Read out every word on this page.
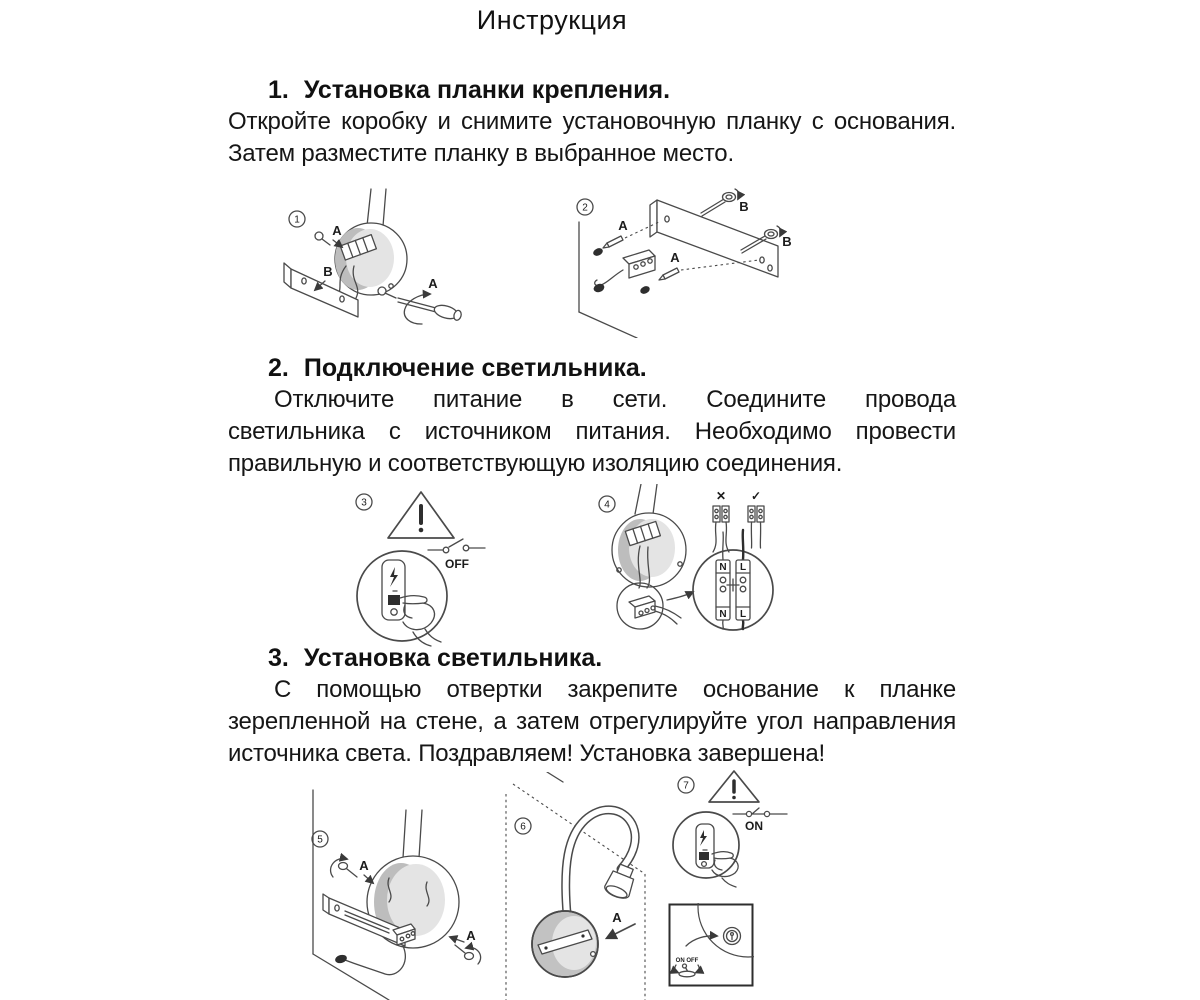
Инструкция
1. Установка планки крепления.
Откройте коробку и снимите установочную планку с основания.
Затем разместите планку в выбранное место.
1
A
B
A
2	B
B
A
A
2. Подключение светильника.
Отключите питание в сети. Соедините провода
светильника с источником питания. Необходимо провести
правильную и соответствующую изоляцию соединения.
3
OFF
4
✕ ✓
N L
N L
3. Установка светильника.
С помощью отвертки закрепите основание к планке
зерепленной на стене, а затем отрегулируйте угол направления
источника света. Поздравляем! Установка завершена!
5
A
A
6
A
7
ON
ON OFF
